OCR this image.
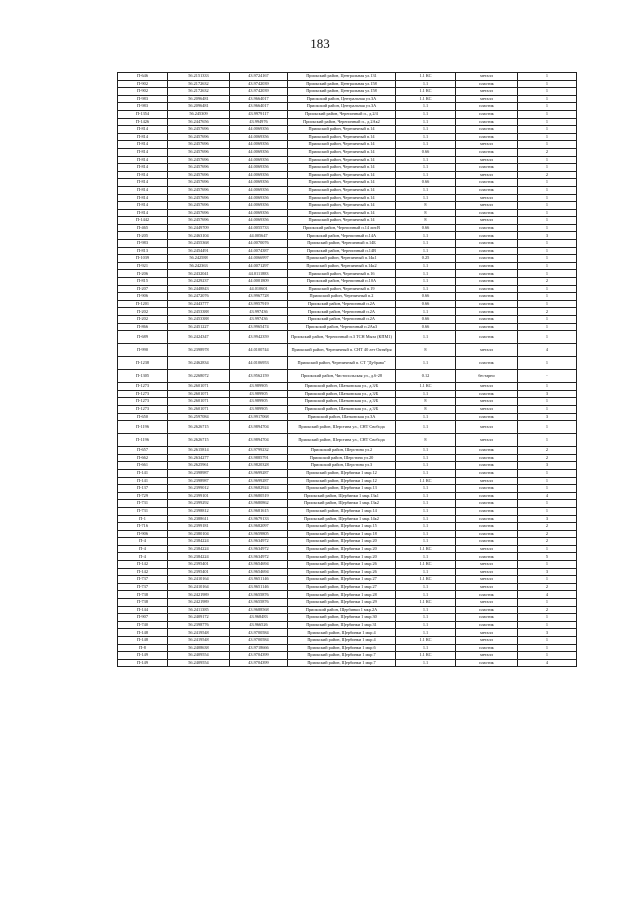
183
П-646	56.2151333	43.9724167	Приокский район, Центральная ул.131	1.1 КС	металл	1
П-902	56.2172632	43.9742039	Приокский район, Центральная ул.158	1.1	пластик	1
П-902	56.2172632	43.9742039	Приокский район, Центральная ул.158	1.1 КС	металл	1
П-983	56.2096481	43.9664017	Приокский район, Центральная ул.3А	1.1 КС	металл	1
П-983	56.2096481	43.9664017	Приокский район, Центральная ул.3А	1.1	пластик	1
П-1354	56.245309	43.9979117	Приокский район, Черепичный п., д.2/4	1.1	пластик	1
П-1426	56.2447656	43.994976	Приокский район, Черепичный п., д.2Ак2	1.1	пластик	1
П-814	56.2457696	44.0069356	Приокский район, Черепичный п.14	1.1	пластик	1
П-814	56.2457696	44.0069356	Приокский район, Черепичный п.14	1.1	пластик	1
П-814	56.2457696	44.0069356	Приокский район, Черепичный п.14	1.1	металл	1
П-814	56.2457696	44.0069356	Приокский район, Черепичный п.14	0.66	пластик	2
П-814	56.2457696	44.0069356	Приокский район, Черепичный п.14	1.1	металл	1
П-814	56.2457696	44.0069356	Приокский район, Черепичный п.14	1.1	пластик	1
П-814	56.2457696	44.0069356	Приокский район, Черепичный п.14	1.1	металл	2
П-814	56.2457696	44.0069356	Приокский район, Черепичный п.14	0.66	пластик	1
П-814	56.2457696	44.0069356	Приокский район, Черепичный п.14	1.1	пластик	1
П-814	56.2457696	44.0069356	Приокский район, Черепичный п.14	1.1	металл	1
П-814	56.2457696	44.0069356	Приокский район, Черепичный п.14	8	металл	1
П-814	56.2457696	44.0069356	Приокский район, Черепичный п.14	8	пластик	1
П-1442	56.2457696	44.0069356	Приокский район, Черепичный п.14	8	металл	1
П-465	56.2449709	44.0055733	Приокский район, Черепичный п.14 лит.В	0.66	пластик	1
П-205	56.2463104	44.005647	Приокский район, Черепичный п.14А	1.1	пластик	3
П-983	56.2455368	44.0070076	Приокский район, Черепичный п.14Б	1.1	пластик	1
П-813	56.2454491	44.0074387	Приокский район, Черепичный п.14В	1.1	пластик	1
П-1039	56.242588	44.0066997	Приокский район, Черепичный п.14к1	0.25	пластик	1
П-921	56.242363	44.0071297	Приокский район, Черепичный п.14к2	1.1	пластик	1
П-206	56.2432041	44.0111883	Приокский район, Черепичный п.16	1.1	пластик	1
П-815	56.2429237	44.0001809	Приокский район, Черепичный п.10А	1.1	пластик	2
П-207	56.2448843	44.010601	Приокский район, Черепичный п.19	1.1	пластик	1
П-906	56.2472076	43.9967728	Приокский район, Черепичный п.2	0.66	пластик	1
П-1201	56.2443777	43.9957919	Приокский район, Черепичный п.2А	0.66	пластик	1
П-202	56.2453388	43.997436	Приокский район, Черепичный п.2А	1.1	пластик	2
П-202	56.2453388	43.997436	Приокский район, Черепичный п.2А	0.66	пластик	1
П-866	56.2451227	43.9965474	Приокский район, Черепичный п.2Ак3	0.66	пластик	1
П-689	56.2424347	43.9942359	Приокский район, Черепичный п.3 ТСН Мыза (КПМ1)	1.1	пластик	1
П-990	56.2398978	44.0100744	Приокский район, Черепичный п. СНТ 40 лет Октября	8	металл	4
П-1238	56.2462834	44.0106953	Приокский район, Черепичный п. СТ "Дубрава"	1.1	пластик	1
П-1305	56.2268072	43.9562159	Приокский район, Чистопольская ул., д.6-28	0.12	бестарно	-
П-1273	56.2601071	43.989905	Приокский район, Шатковская ул., д.3/Б	1.1 КС	металл	1
П-1273	56.2601071	43.989905	Приокский район, Шатковская ул., д.3/Б	1.1	пластик	3
П-1273	56.2601071	43.989905	Приокский район, Шатковская ул., д.3/Б	8	металл	1
П-1273	56.2601071	43.989905	Приокский район, Шатковская ул., д.3/Б	8	металл	1
П-650	56.2597084	43.9917068	Приокский район, Шатковская ул.3А	1.1	пластик	3
П-1196	56.2626715	43.9894704	Приокский район, Шерстина ул., СНТ Свобода	1.1	металл	1
П-1196	56.2626715	43.9894704	Приокский район, Шерстина ул., СНТ Свобода	8	металл	1
П-657	56.2615814	43.9799232	Приокский район, Шерстина ул.2	1.1	пластик	2
П-662	56.2634277	43.9885791	Приокский район, Шерстина ул.20	1.1	пластик	2
П-661	56.2625961	43.9820328	Приокский район, Шерстина ул.3	1.1	пластик	3
П-141	56.2398987	43.9699287	Приокский район, Щербинки 1 мкр.12	1.1	пластик	1
П-141	56.2398987	43.9699287	Приокский район, Щербинки 1 мкр.12	1.1 КС	металл	1
П-137	56.2399012	43.9682924	Приокский район, Щербинки 1 мкр.13	1.1	пластик	1
П-729	56.2399101	43.9680519	Приокский район, Щербинки 1 мкр.13к1	1.1	пластик	4
П-731	56.2399292	43.9680862	Приокский район, Щербинки 1 мкр.13к2	1.1	пластик	1
П-731	56.2398812	43.9681615	Приокский район, Щербинки 1 мкр.14	1.1	пластик	1
П-1	56.2388611	43.9679133	Приокский район, Щербинки 1 мкр.14к2	1.1	пластик	3
П-716	56.2399181	43.9682097	Приокский район, Щербинки 1 мкр.15	1.1	пластик	2
П-906	56.2380104	43.9659805	Приокский район, Щербинки 1 мкр.18	1.1	пластик	2
П-4	56.2384224	43.9634972	Приокский район, Щербинки 1 мкр.20	1.1	пластик	2
П-4	56.2384224	43.9634972	Приокский район, Щербинки 1 мкр.20	1.1 КС	металл	1
П-4	56.2384224	43.9634972	Приокский район, Щербинки 1 мкр.20	1.1	пластик	5
П-142	56.2395401	43.9654694	Приокский район, Щербинки 1 мкр.26	1.1 КС	металл	1
П-142	56.2395401	43.9654694	Приокский район, Щербинки 1 мкр.26	1.1	металл	3
П-737	56.2410164	43.9651146	Приокский район, Щербинки 1 мкр.27	1.1 КС	металл	1
П-737	56.2410164	43.9651146	Приокский район, Щербинки 1 мкр.27	1.1	металл	2
П-738	56.2421989	43.9655876	Приокский район, Щербинки 1 мкр.28	1.1	пластик	4
П-738	56.2421989	43.9655876	Приокский район, Щербинки 1 мкр.29	1.1 КС	металл	1
П-144	56.2411385	43.9688568	Приокский район, Щербинки 1 мкр.2А	1.1	пластик	2
П-907	56.2409172	43.968483	Приокский район, Щербинки 1 мкр.30	1.1	пластик	1
П-740	56.2398776	43.966526	Приокский район, Щербинки 1 мкр.31	1.1	пластик	1
П-148	56.2419548	43.9700584	Приокский район, Щербинки 1 мкр.4	1.1	металл	3
П-148	56.2419548	43.9700584	Приокский район, Щербинки 1 мкр.4	1.1 КС	металл	1
П-8	56.2408638	43.9718666	Приокский район, Щербинки 1 мкр.6	1.1	пластик	1
П-149	56.2409554	43.9704399	Приокский район, Щербинки 1 мкр.7	1.1 КС	металл	1
П-149	56.2409554	43.9704399	Приокский район, Щербинки 1 мкр.7	1.1	пластик	4
